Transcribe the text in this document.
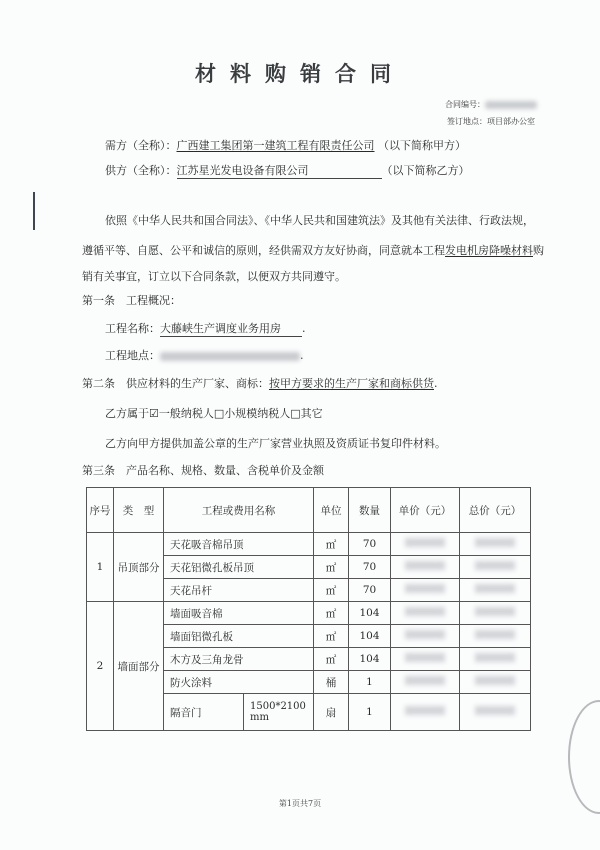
材料购销合同
合同编号：
签订地点：项目部办公室
需方（全称）：广西建工集团第一建筑工程有限责任公司 （以下简称甲方）
供方（全称）：江苏星光发电设备有限公司	（以下简称乙方）
依照《中华人民共和国合同法》、《中华人民共和国建筑法》及其他有关法律、行政法规，
遵循平等、自愿、公平和诚信的原则，经供需双方友好协商，同意就本工程发电机房降噪材料购
销有关事宜，订立以下合同条款，以便双方共同遵守。
第一条　工程概况：
工程名称：大藤峡生产调度业务用房 .
工程地点：	.
第二条　供应材料的生产厂家、商标：按甲方要求的生产厂家和商标供货.
乙方属于☑一般纳税人□小规模纳税人□其它
乙方向甲方提供加盖公章的生产厂家营业执照及资质证书复印件材料。
第三条　产品名称、规格、数量、含税单价及金额
序号	类　型	工程或费用名称		单位	数量	单价（元）	总价（元）
1	吊顶部分	天花吸音棉吊顶		㎡	70		
		天花铝微孔板吊顶		㎡	70		
		天花吊杆		㎡	70		
2	墙面部分	墙面吸音棉		㎡	104		
		墙面铝微孔板		㎡	104		
		木方及三角龙骨		㎡	104		
		防火涂料		桶	1		
		隔音门	1500*2100mm	扇	1		
第1页共7页
